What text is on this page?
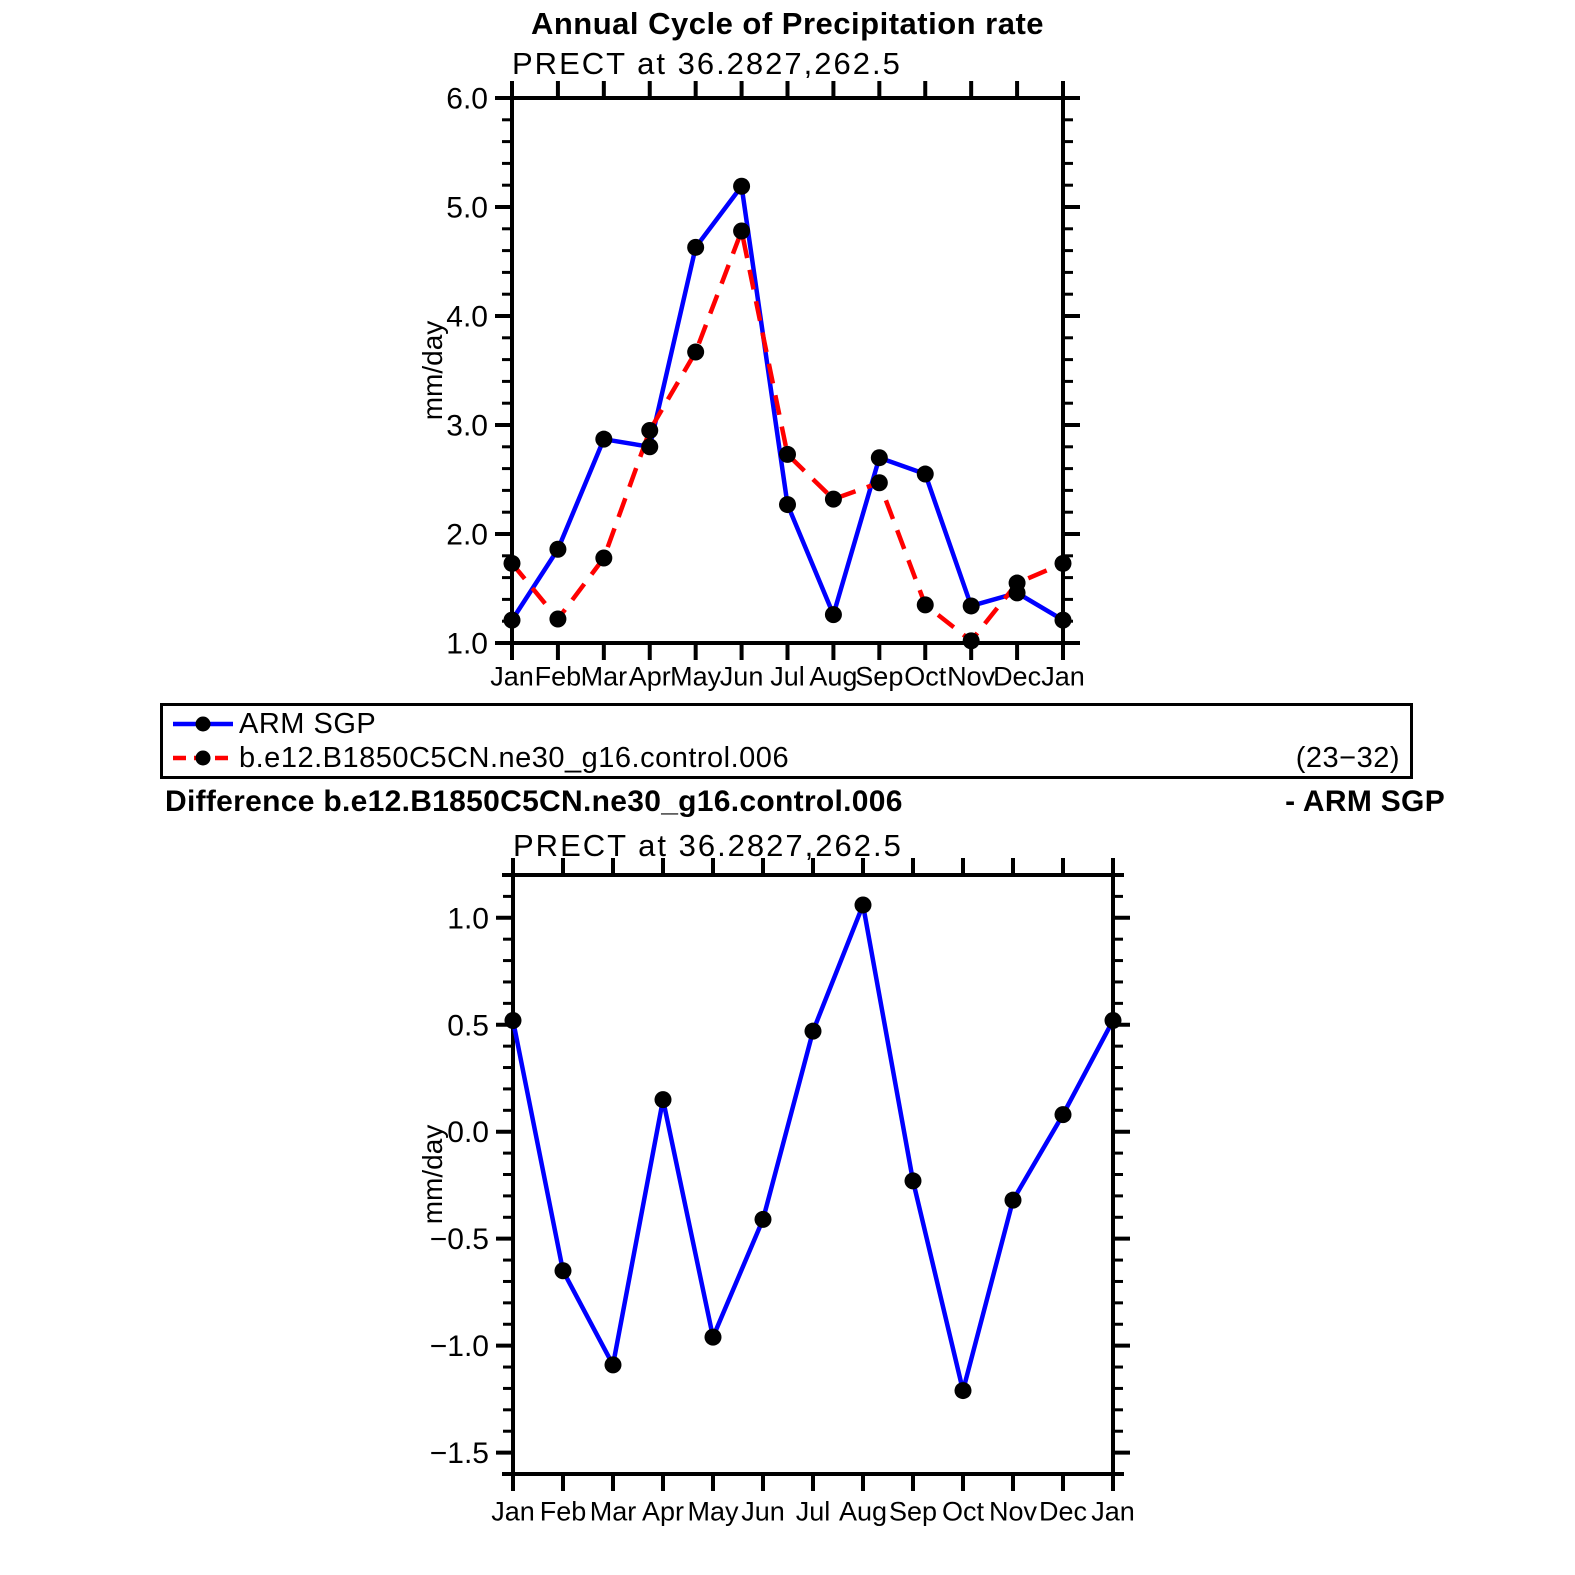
Annual Cycle of Precipitation rate
1.0
2.0
3.0
4.0
5.0
6.0
Jan Feb Mar Apr May
Jun Jul Aug
Sep Oct Nov
Dec Jan
PRECT at 36.2827,262.5
mm/day
ARM SGP
b.e12.B1850C5CN.ne30_g16.control.006	(23−32)
Difference b.e12.B1850C5CN.ne30_g16.control.006	- ARM SGP
−1.5
−1.0
−0.5
0.0
0.5
1.0
Jan Feb Mar Apr May Jun Jul Aug Sep Oct Nov Dec Jan
PRECT at 36.2827,262.5
mm/day
